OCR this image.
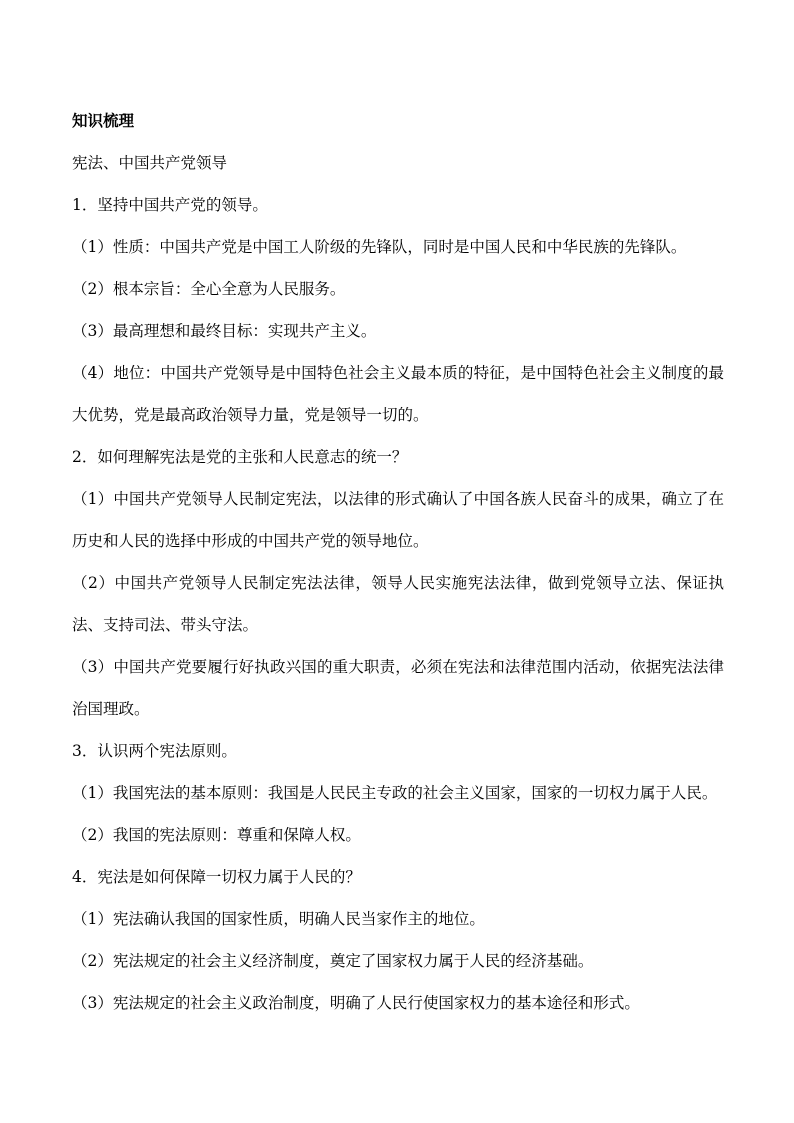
知识梳理
宪法、中国共产党领导
1．坚持中国共产党的领导。
（1）性质：中国共产党是中国工人阶级的先锋队，同时是中国人民和中华民族的先锋队。
（2）根本宗旨：全心全意为人民服务。
（3）最高理想和最终目标：实现共产主义。
（4）地位：中国共产党领导是中国特色社会主义最本质的特征，是中国特色社会主义制度的最大优势，党是最高政治领导力量，党是领导一切的。
2．如何理解宪法是党的主张和人民意志的统一？
（1）中国共产党领导人民制定宪法，以法律的形式确认了中国各族人民奋斗的成果，确立了在历史和人民的选择中形成的中国共产党的领导地位。
（2）中国共产党领导人民制定宪法法律，领导人民实施宪法法律，做到党领导立法、保证执法、支持司法、带头守法。
（3）中国共产党要履行好执政兴国的重大职责，必须在宪法和法律范围内活动，依据宪法法律治国理政。
3．认识两个宪法原则。
（1）我国宪法的基本原则：我国是人民民主专政的社会主义国家，国家的一切权力属于人民。
（2）我国的宪法原则：尊重和保障人权。
4．宪法是如何保障一切权力属于人民的？
（1）宪法确认我国的国家性质，明确人民当家作主的地位。
（2）宪法规定的社会主义经济制度，奠定了国家权力属于人民的经济基础。
（3）宪法规定的社会主义政治制度，明确了人民行使国家权力的基本途径和形式。
